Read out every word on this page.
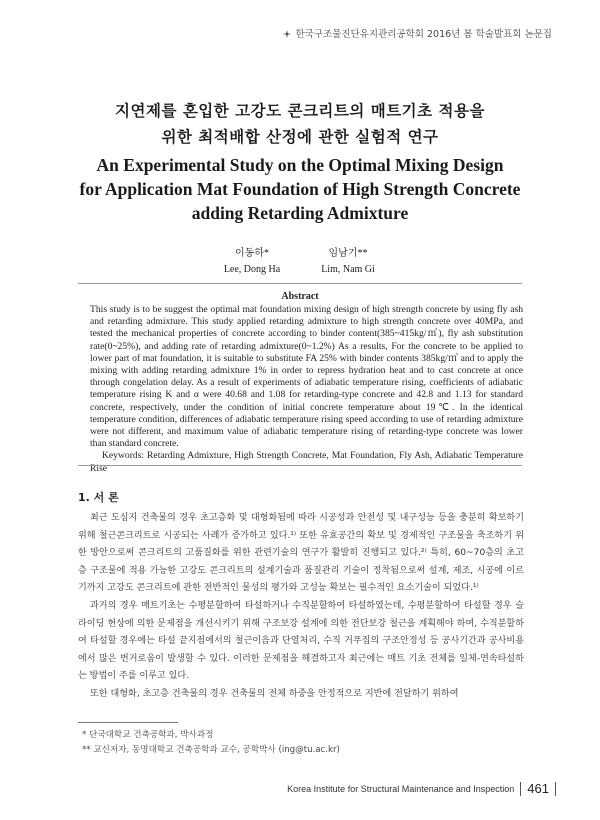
한국구조물진단유지관리공학회 2016년 봄 학술발표회 논문집
지연제를 혼입한 고강도 콘크리트의 매트기초 적용을
위한 최적배합 산정에 관한 실험적 연구
An Experimental Study on the Optimal Mixing Design
for Application Mat Foundation of High Strength Concrete
adding Retarding Admixture
이동하*	임남기**
Lee, Dong Ha	Lim, Nam Gi
Abstract

This study is to be suggest the optimal mat foundation mixing design of high strength concrete by using fly ash and retarding admixture. This study applied retarding admixture to high strength concrete over 40MPa, and tested the mechanical properties of concrete according to binder content(385~415kg/㎥), fly ash substitution rate(0~25%), and adding rate of retarding admixture(0~1.2%) As a results, For the concrete to be applied to lower part of mat foundation, it is suitable to substitute FA 25% with binder contents 385kg/㎥ and to apply the mixing with adding retarding admixture 1% in order to repress hydration heat and to cast concrete at once through congelation delay. As a result of experiments of adiabatic temperature rising, coefficients of adiabatic temperature rising K and α were 40.68 and 1.08 for retarding-type concrete and 42.8 and 1.13 for standard concrete, respectively, under the condition of initial concrete temperature about 19℃. In the identical temperature condition, differences of adiabatic temperature rising speed according to use of retarding admixture were not different, and maximum value of adiabatic temperature rising of retarding-type concrete was lower than standard concrete.

Keywords: Retarding Admixture, High Strength Concrete, Mat Foundation, Fly Ash, Adiabatic Temperature Rise

1. 서 론

최근 도심지 건축물의 경우 초고층화 및 대형화됨에 따라 시공성과 안전성 및 내구성능 등을 충분히 확보하기 위해 철근콘크리트로 시공되는 사례가 증가하고 있다.¹⁾ 또한 유효공간의 확보 및 경제적인 구조물을 축조하기 위한 방안으로써 콘크리트의 고품질화를 위한 관련기술의 연구가 활발히 진행되고 있다.²⁾ 특히, 60~70층의 초고층 구조물에 적용 가능한 고강도 콘크리트의 설계기술과 품질관리 기술이 정착됨으로써 설계, 제조, 시공에 이르기까지 고강도 콘크리트에 관한 전반적인 물성의 평가와 고성능 확보는 필수적인 요소기술이 되었다.¹⁾

과거의 경우 매트기초는 수평분할하여 타설하거나 수직분할하여 타설하였는데, 수평분할하여 타설할 경우 슬라이딩 현상에 의한 문제점을 개선시키기 위해 구조보강 설계에 의한 전단보강 철근을 계획해야 하며, 수직분할하여 타설할 경우에는 타설 끝지점에서의 철근이음과 단열처리, 수직 거푸집의 구조안정성 등 공사기간과 공사비용에서 많은 번거로움이 발생할 수 있다. 이러한 문제점을 해결하고자 최근에는 매트 기초 전체를 일체-연속타설하는 방법이 주를 이루고 있다.

또한 대형화, 초고층 건축물의 경우 건축물의 전체 하중을 안정적으로 지반에 전달하기 위하여

* 단국대학교 건축공학과, 박사과정
** 교신저자, 동명대학교 건축공학과 교수, 공학박사 (ing@tu.ac.kr)
Korea Institute for Structural Maintenance and Inspection 461
